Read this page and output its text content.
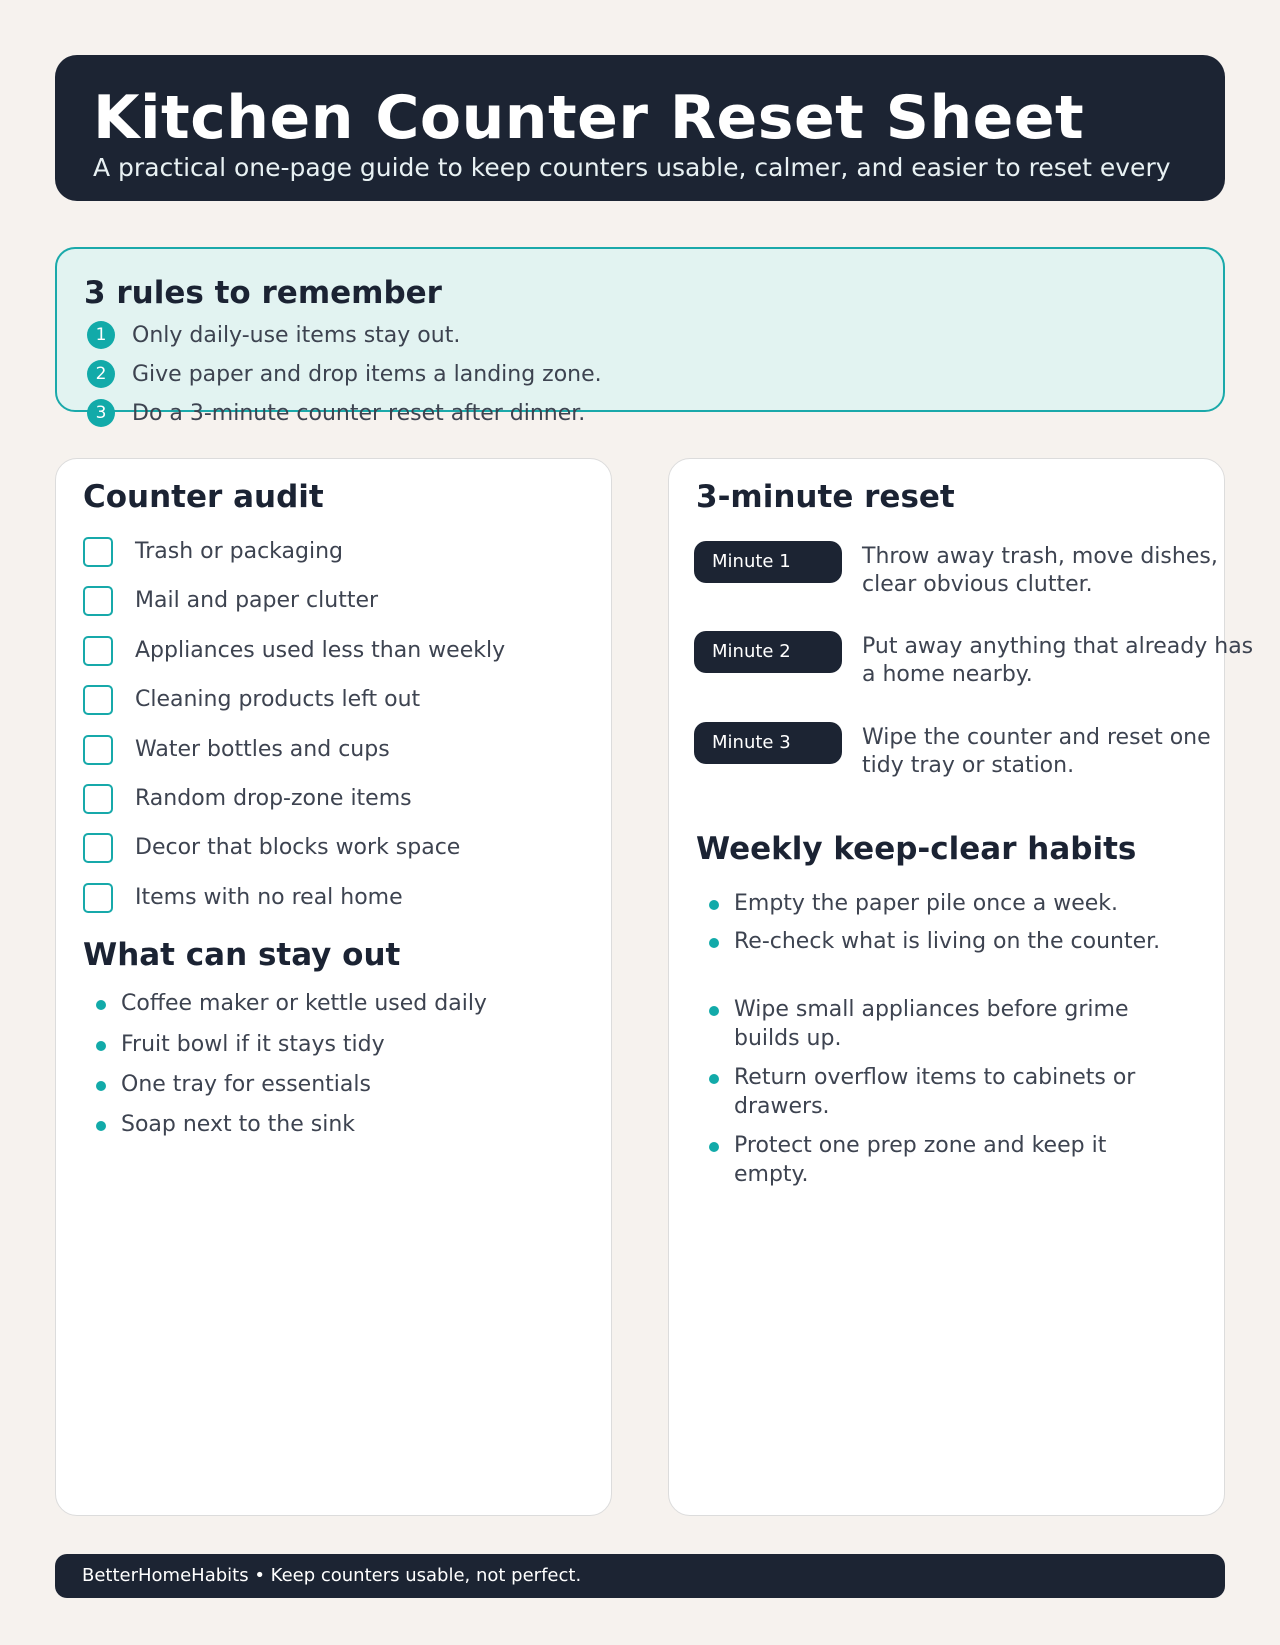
Kitchen Counter Reset Sheet
A practical one-page guide to keep counters usable, calmer, and easier to reset every
3 rules to remember
1	Only daily-use items stay out.
2	Give paper and drop items a landing zone.
3	Do a 3-minute counter reset after dinner.
Counter audit
Trash or packaging
Mail and paper clutter
Appliances used less than weekly
Cleaning products left out
Water bottles and cups
Random drop-zone items
Decor that blocks work space
Items with no real home
What can stay out
Coffee maker or kettle used daily
Fruit bowl if it stays tidy
One tray for essentials
Soap next to the sink
3-minute reset
Minute 1	Throw away trash, move dishes, clear obvious clutter.
Minute 2	Put away anything that already has a home nearby.
Minute 3	Wipe the counter and reset one tidy tray or station.
Weekly keep-clear habits
Empty the paper pile once a week.
Re-check what is living on the counter.
Wipe small appliances before grime builds up.
Return overflow items to cabinets or drawers.
Protect one prep zone and keep it empty.
BetterHomeHabits • Keep counters usable, not perfect.
